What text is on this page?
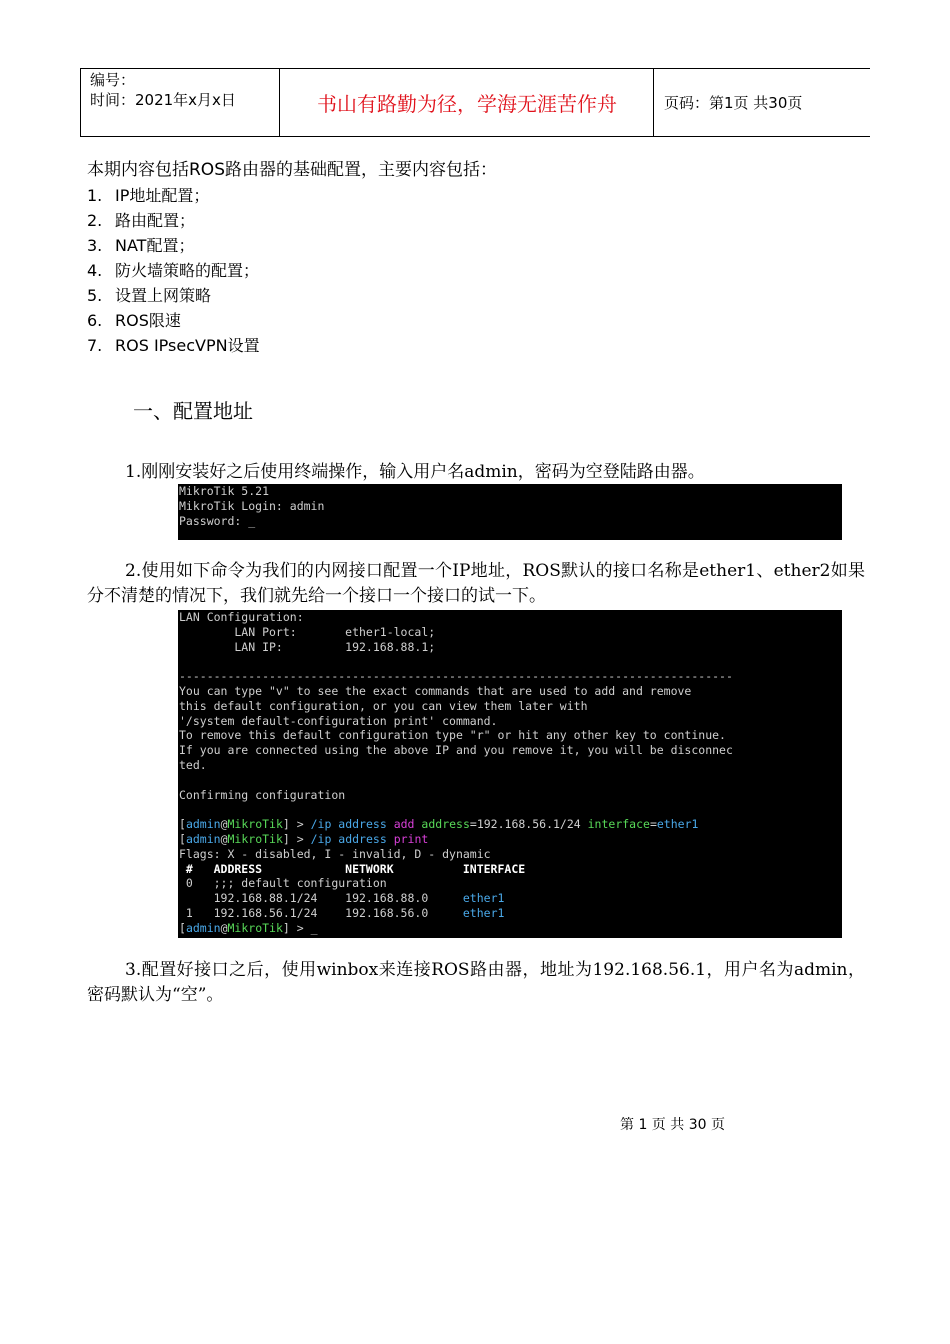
编号：
时间：2021年x月x日	书山有路勤为径，学海无涯苦作舟	页码：第1页 共30页
本期内容包括ROS路由器的基础配置，主要内容包括：
1. IP地址配置；
2. 路由配置；
3. NAT配置；
4. 防火墙策略的配置；
5. 设置上网策略
6. ROS限速
7. ROS IPsecVPN设置
一、配置地址
1.刚刚安装好之后使用终端操作，输入用户名admin，密码为空登陆路由器。
MikroTik 5.21
MikroTik Login: admin
Password: _
2.使用如下命令为我们的内网接口配置一个IP地址，ROS默认的接口名称是ether1、ether2如果分不清楚的情况下，我们就先给一个接口一个接口的试一下。
LAN Configuration:
LAN Port:       ether1-local;
LAN IP:         192.168.88.1;

--------------------------------------------------------------------------------
You can type "v" to see the exact commands that are used to add and remove
this default configuration, or you can view them later with
'/system default-configuration print' command.
To remove this default configuration type "r" or hit any other key to continue.
If you are connected using the above IP and you remove it, you will be disconnec
ted.

Confirming configuration

[admin@MikroTik] > /ip address add address=192.168.56.1/24 interface=ether1
[admin@MikroTik] > /ip address print
Flags: X - disabled, I - invalid, D - dynamic
#   ADDRESS            NETWORK          INTERFACE
0   ;;; default configuration
192.168.88.1/24    192.168.88.0     ether1
1   192.168.56.1/24    192.168.56.0     ether1
[admin@MikroTik] > _
3.配置好接口之后，使用winbox来连接ROS路由器，地址为192.168.56.1，用户名为admin，密码默认为“空”。
第 1 页 共 30 页
